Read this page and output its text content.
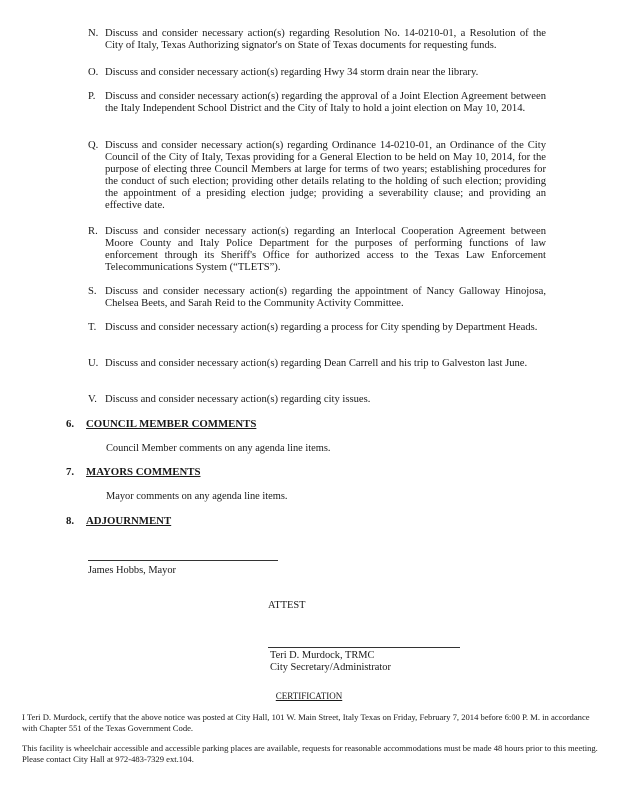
N. Discuss and consider necessary action(s) regarding Resolution No. 14-0210-01, a Resolution of the City of Italy, Texas Authorizing signator's on State of Texas documents for requesting funds.
O. Discuss and consider necessary action(s) regarding Hwy 34 storm drain near the library.
P. Discuss and consider necessary action(s) regarding the approval of a Joint Election Agreement between the Italy Independent School District and the City of Italy to hold a joint election on May 10, 2014.
Q. Discuss and consider necessary action(s) regarding Ordinance 14-0210-01, an Ordinance of the City Council of the City of Italy, Texas providing for a General Election to be held on May 10, 2014, for the purpose of electing three Council Members at large for terms of two years; establishing procedures for the conduct of such election; providing other details relating to the holding of such election; providing the appointment of a presiding election judge; providing a severability clause; and providing an effective date.
R. Discuss and consider necessary action(s) regarding an Interlocal Cooperation Agreement between Moore County and Italy Police Department for the purposes of performing functions of law enforcement through its Sheriff's Office for authorized access to the Texas Law Enforcement Telecommunications System (“TLETS”).
S. Discuss and consider necessary action(s) regarding the appointment of Nancy Galloway Hinojosa, Chelsea Beets, and Sarah Reid to the Community Activity Committee.
T. Discuss and consider necessary action(s) regarding a process for City spending by Department Heads.
U. Discuss and consider necessary action(s) regarding Dean Carrell and his trip to Galveston last June.
V. Discuss and consider necessary action(s) regarding city issues.
6. COUNCIL MEMBER COMMENTS
Council Member comments on any agenda line items.
7. MAYORS COMMENTS
Mayor comments on any agenda line items.
8. ADJOURNMENT
James Hobbs, Mayor
ATTEST
Teri D. Murdock, TRMC
City Secretary/Administrator
CERTIFICATION
I Teri D. Murdock, certify that the above notice was posted at City Hall, 101 W. Main Street, Italy Texas on Friday, February 7, 2014 before 6:00 P. M. in accordance with Chapter 551 of the Texas Government Code.
This facility is wheelchair accessible and accessible parking places are available, requests for reasonable accommodations must be made 48 hours prior to this meeting. Please contact City Hall at 972-483-7329 ext.104.
